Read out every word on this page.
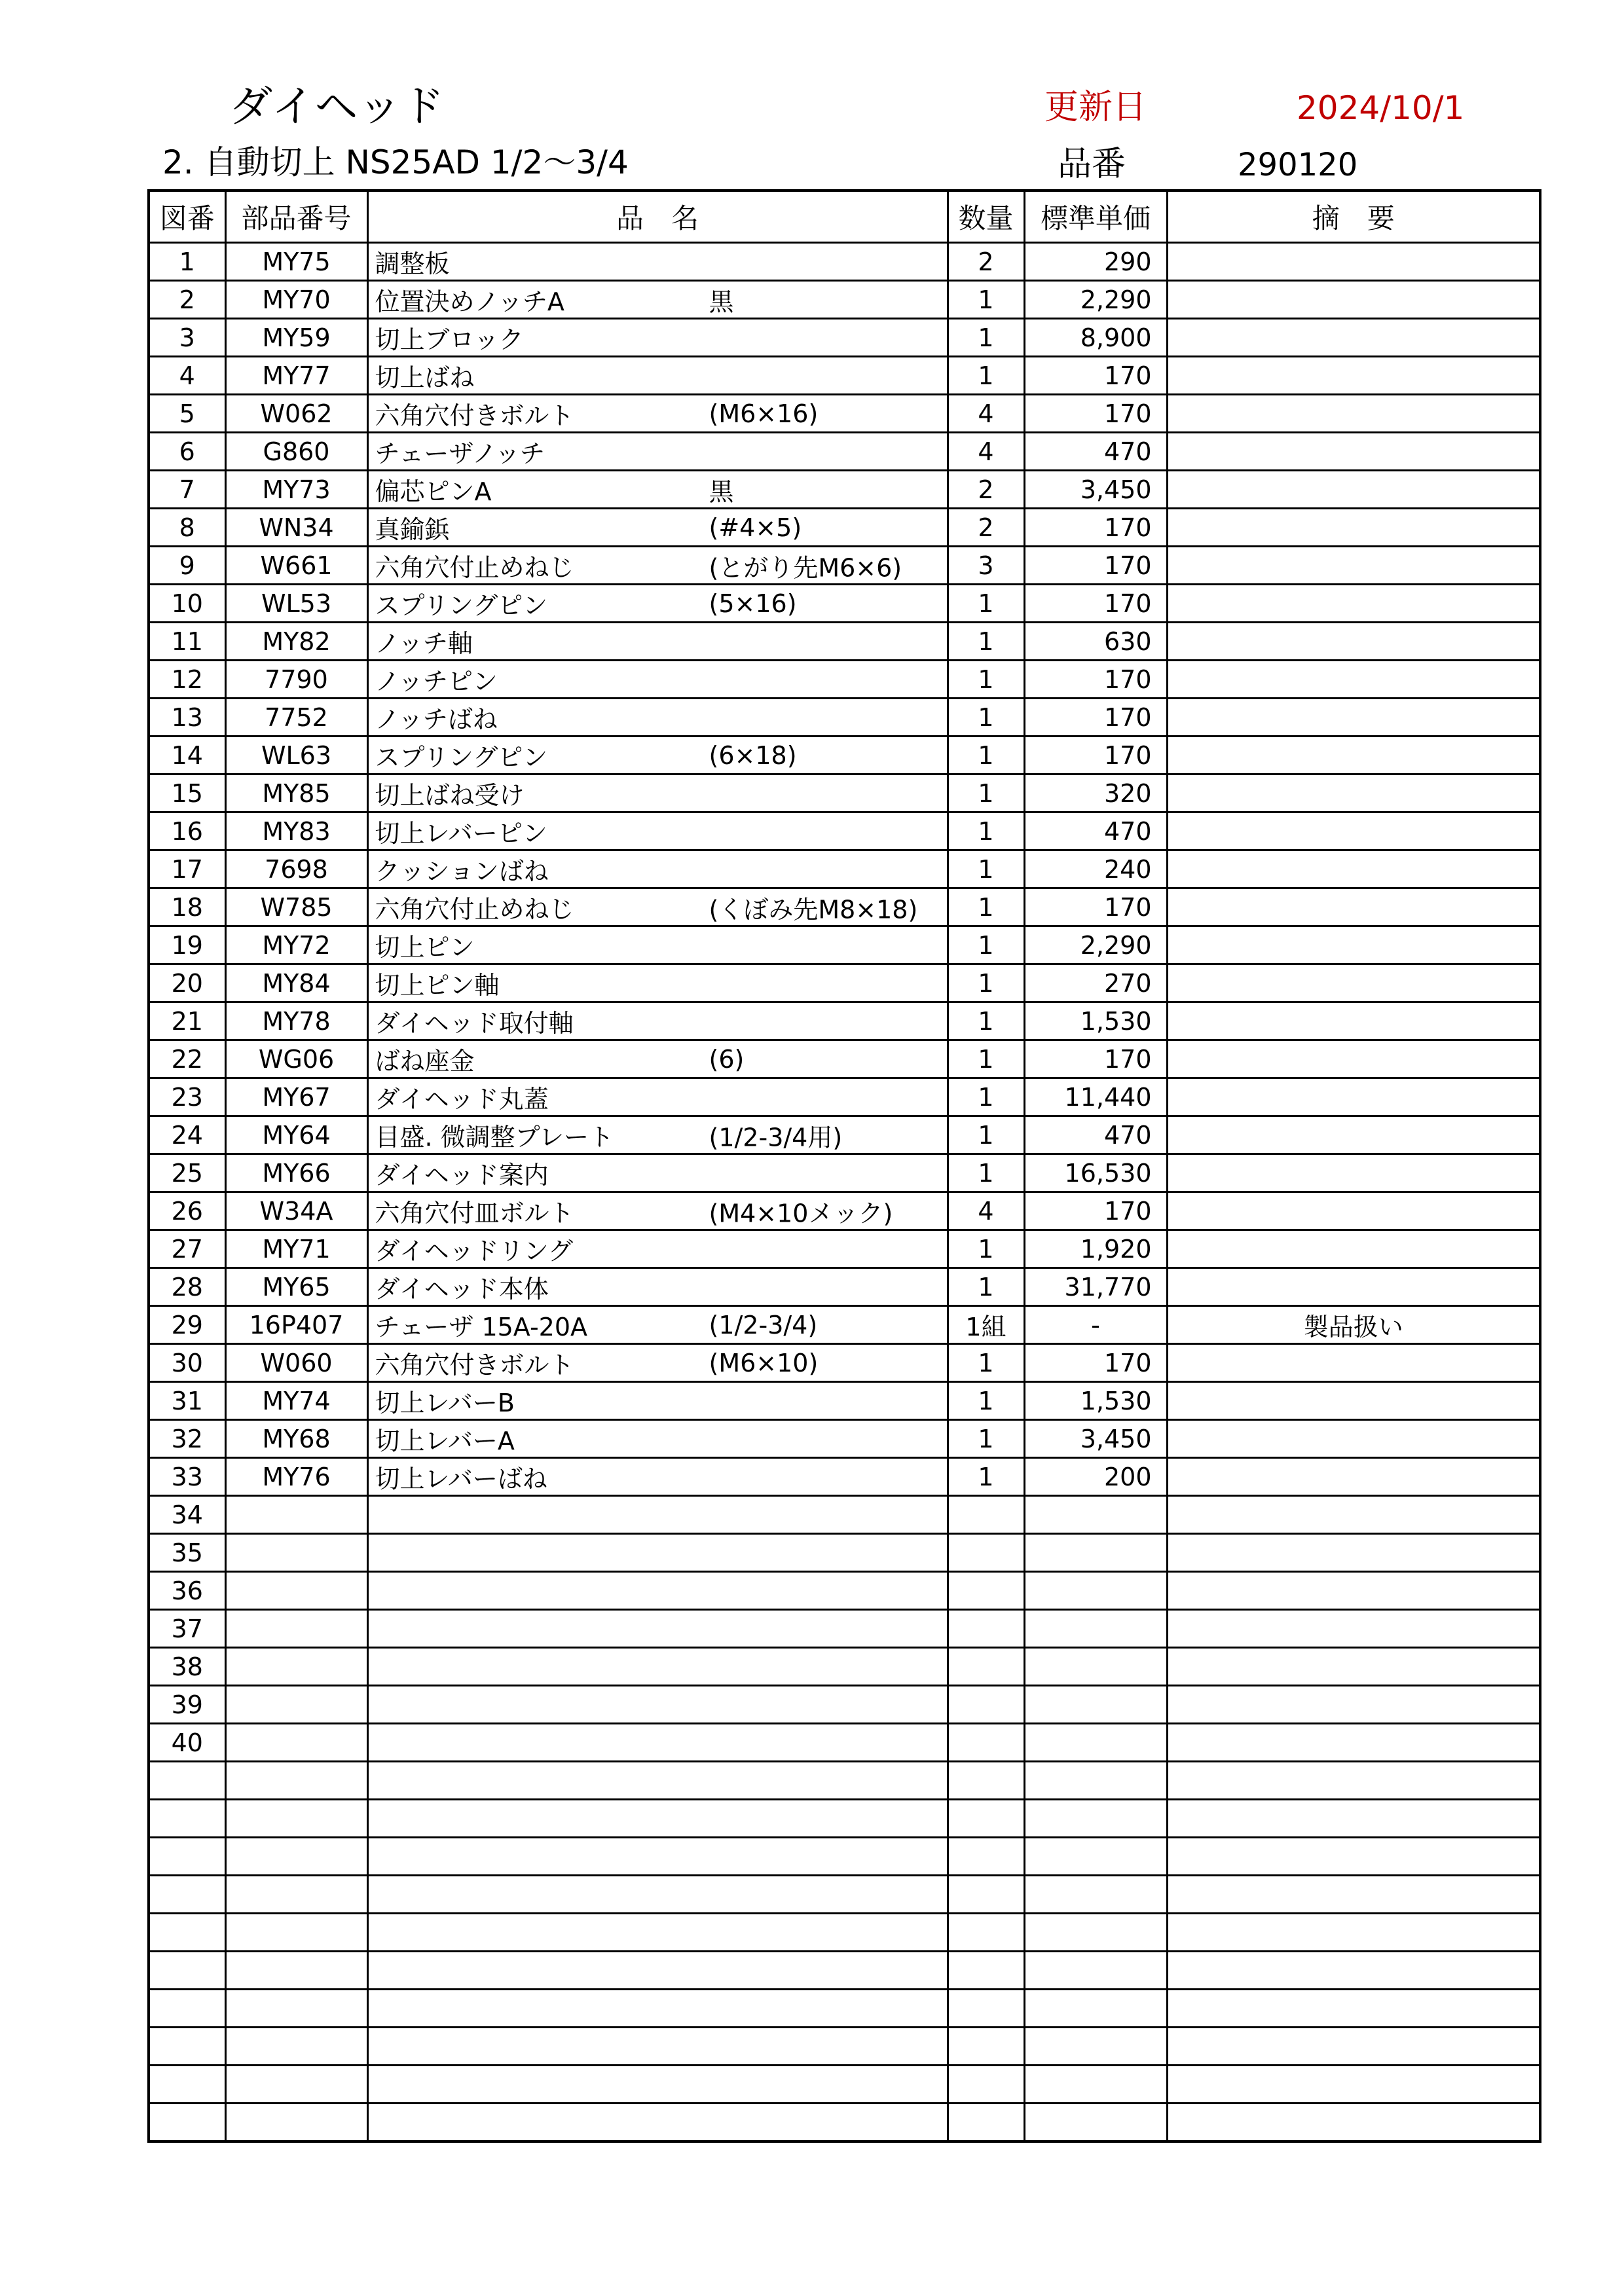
ダイヘッド
2. 自動切上 NS25AD 1/2〜3/4
更新日	2024/10/1
品番	290120
図番	部品番号	品　名	数量	標準単価	摘　要
1	MY75	調整板	2	290	
2	MY70	位置決めノッチA 黒	1	2,290	
3	MY59	切上ブロック	1	8,900	
4	MY77	切上ばね	1	170	
5	W062	六角穴付きボルト (M6×16)	4	170	
6	G860	チェーザノッチ	4	470	
7	MY73	偏芯ピンA 黒	2	3,450	
8	WN34	真鍮鋲 (#4×5)	2	170	
9	W661	六角穴付止めねじ (とがり先M6×6)	3	170	
10	WL53	スプリングピン (5×16)	1	170	
11	MY82	ノッチ軸	1	630	
12	7790	ノッチピン	1	170	
13	7752	ノッチばね	1	170	
14	WL63	スプリングピン (6×18)	1	170	
15	MY85	切上ばね受け	1	320	
16	MY83	切上レバーピン	1	470	
17	7698	クッションばね	1	240	
18	W785	六角穴付止めねじ (くぼみ先M8×18)	1	170	
19	MY72	切上ピン	1	2,290	
20	MY84	切上ピン軸	1	270	
21	MY78	ダイヘッド取付軸	1	1,530	
22	WG06	ばね座金 (6)	1	170	
23	MY67	ダイヘッド丸蓋	1	11,440	
24	MY64	目盛. 微調整プレート (1/2-3/4用)	1	470	
25	MY66	ダイヘッド案内	1	16,530	
26	W34A	六角穴付皿ボルト (M4×10メック)	4	170	
27	MY71	ダイヘッドリング	1	1,920	
28	MY65	ダイヘッド本体	1	31,770	
29	16P407	チェーザ 15A-20A (1/2-3/4)	1組	-	製品扱い
30	W060	六角穴付きボルト (M6×10)	1	170	
31	MY74	切上レバーB	1	1,530	
32	MY68	切上レバーA	1	3,450	
33	MY76	切上レバーばね	1	200	
34		

35		

36		

37		

38		

39		

40		
